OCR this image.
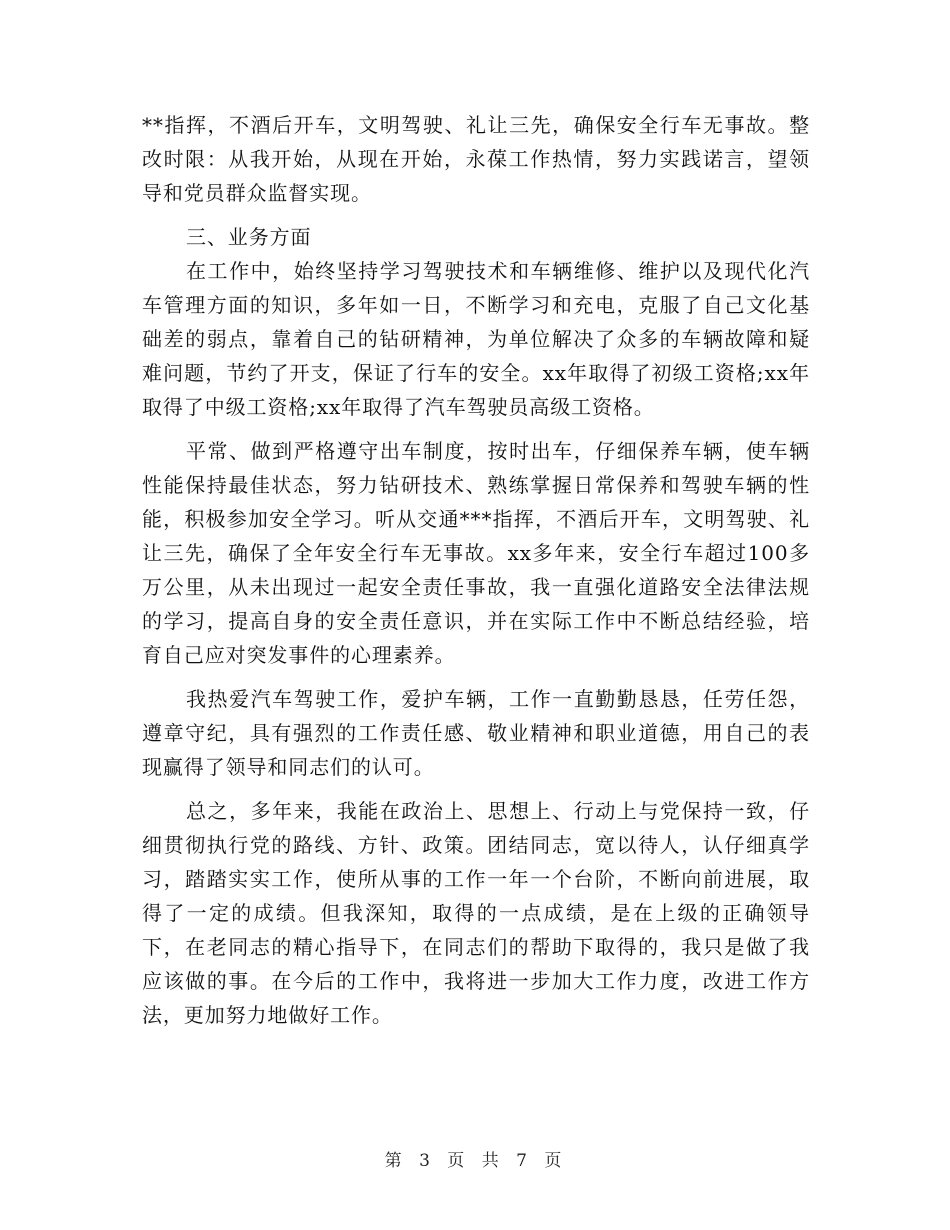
**指挥，不酒后开车，文明驾驶、礼让三先，确保安全行车无事故。整改时限：从我开始，从现在开始，永葆工作热情，努力实践诺言，望领导和党员群众监督实现。

三、业务方面

在工作中，始终坚持学习驾驶技术和车辆维修、维护以及现代化汽车管理方面的知识，多年如一日，不断学习和充电，克服了自己文化基础差的弱点，靠着自己的钻研精神，为单位解决了众多的车辆故障和疑难问题，节约了开支，保证了行车的安全。xx年取得了初级工资格;xx年取得了中级工资格;xx年取得了汽车驾驶员高级工资格。

平常、做到严格遵守出车制度，按时出车，仔细保养车辆，使车辆性能保持最佳状态，努力钻研技术、熟练掌握日常保养和驾驶车辆的性能，积极参加安全学习。听从交通***指挥，不酒后开车，文明驾驶、礼让三先，确保了全年安全行车无事故。xx多年来，安全行车超过100多万公里，从未出现过一起安全责任事故，我一直强化道路安全法律法规的学习，提高自身的安全责任意识，并在实际工作中不断总结经验，培育自己应对突发事件的心理素养。

我热爱汽车驾驶工作，爱护车辆，工作一直勤勤恳恳，任劳任怨，遵章守纪，具有强烈的工作责任感、敬业精神和职业道德，用自己的表现赢得了领导和同志们的认可。

总之，多年来，我能在政治上、思想上、行动上与党保持一致，仔细贯彻执行党的路线、方针、政策。团结同志，宽以待人，认仔细真学习，踏踏实实工作，使所从事的工作一年一个台阶，不断向前进展，取得了一定的成绩。但我深知，取得的一点成绩，是在上级的正确领导下，在老同志的精心指导下，在同志们的帮助下取得的，我只是做了我应该做的事。在今后的工作中，我将进一步加大工作力度，改进工作方法，更加努力地做好工作。

第 3 页 共 7 页
